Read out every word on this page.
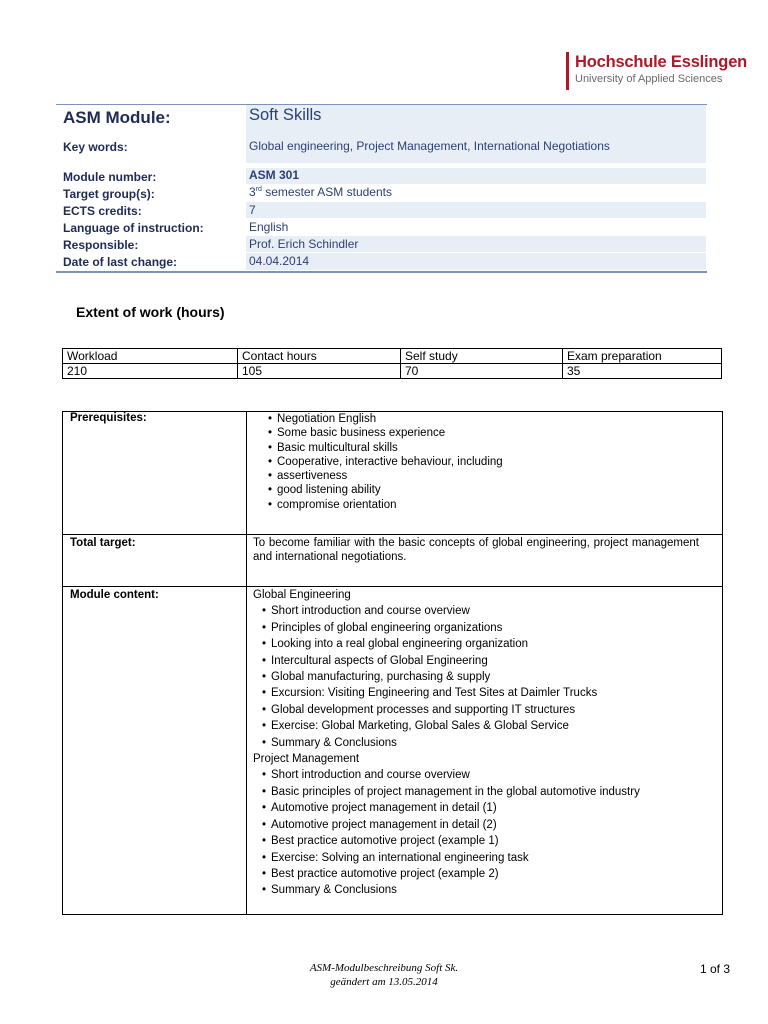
Hochschule Esslingen
University of Applied Sciences
ASM Module:	Soft Skills
Key words:	Global engineering, Project Management, International Negotiations
Module number:	ASM 301
Target group(s):	3rd semester ASM students
ECTS credits:	7
Language of instruction:	English
Responsible:	Prof. Erich Schindler
Date of last change:	04.04.2014
Extent of work (hours)
Workload	Contact hours	Self study	Exam preparation
210	105	70	35
Prerequisites:	• Negotiation English
• Some basic business experience
• Basic multicultural skills
• Cooperative, interactive behaviour, including
• assertiveness
• good listening ability
• compromise orientation
Total target:	To become familiar with the basic concepts of global engineering, project management and international negotiations.
Module content:	Global Engineering
• Short introduction and course overview
• Principles of global engineering organizations
• Looking into a real global engineering organization
• Intercultural aspects of Global Engineering
• Global manufacturing, purchasing & supply
• Excursion: Visiting Engineering and Test Sites at Daimler Trucks
• Global development processes and supporting IT structures
• Exercise: Global Marketing, Global Sales & Global Service
• Summary & Conclusions
Project Management
• Short introduction and course overview
• Basic principles of project management in the global automotive industry
• Automotive project management in detail (1)
• Automotive project management in detail (2)
• Best practice automotive project (example 1)
• Exercise: Solving an international engineering task
• Best practice automotive project (example 2)
• Summary & Conclusions
ASM-Modulbeschreibung Soft Sk.
geändert am 13.05.2014
1 of 3
